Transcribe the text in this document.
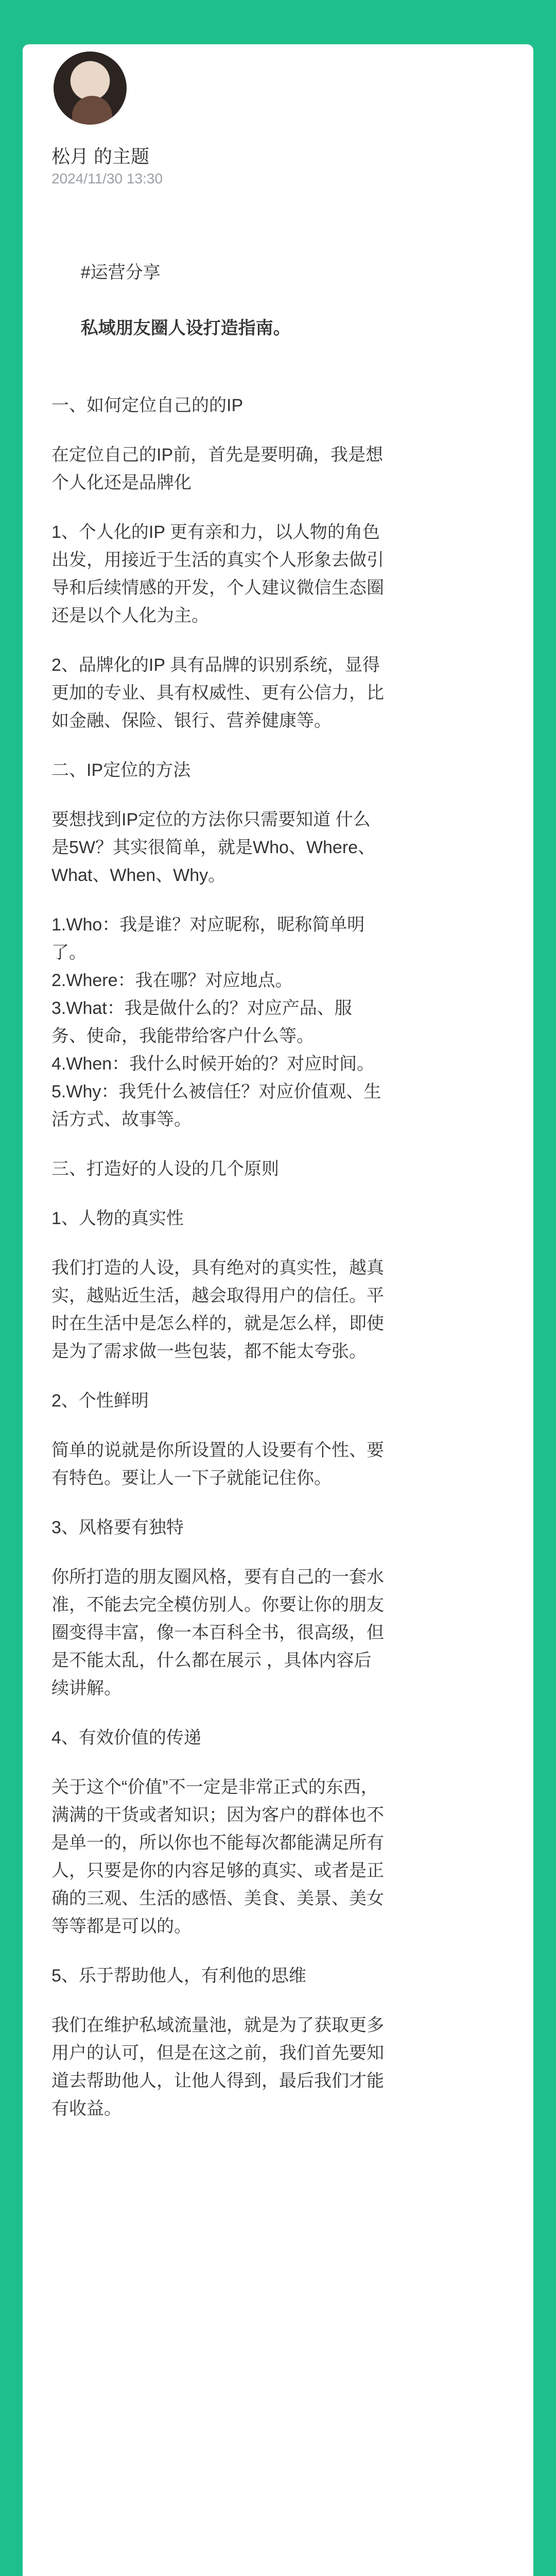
松月 的主题
2024/11/30 13:30

#运营分享

私域朋友圈人设打造指南。

一、如何定位自己的的IP
在定位自己的IP前，首先是要明确，我是想
个人化还是品牌化
1、个人化的IP 更有亲和力，以人物的角色
出发，用接近于生活的真实个人形象去做引
导和后续情感的开发，个人建议微信生态圈
还是以个人化为主。
2、品牌化的IP 具有品牌的识别系统，显得
更加的专业、具有权威性、更有公信力，比
如金融、保险、银行、营养健康等。
二、IP定位的方法
要想找到IP定位的方法你只需要知道 什么
是5W？其实很简单，就是Who、Where、
What、When、Why。
1.Who：我是谁？对应昵称，昵称简单明
了。
2.Where：我在哪？对应地点。
3.What：我是做什么的？对应产品、服
务、使命，我能带给客户什么等。
4.When：我什么时候开始的？对应时间。
5.Why：我凭什么被信任？对应价值观、生
活方式、故事等。
三、打造好的人设的几个原则
1、人物的真实性
我们打造的人设，具有绝对的真实性，越真
实，越贴近生活，越会取得用户的信任。平
时在生活中是怎么样的，就是怎么样，即使
是为了需求做一些包装，都不能太夸张。
2、个性鲜明
简单的说就是你所设置的人设要有个性、要
有特色。要让人一下子就能记住你。
3、风格要有独特
你所打造的朋友圈风格，要有自己的一套水
准，不能去完全模仿别人。你要让你的朋友
圈变得丰富，像一本百科全书，很高级，但
是不能太乱，什么都在展示 ，具体内容后
续讲解。
4、有效价值的传递
关于这个“价值”不一定是非常正式的东西，
满满的干货或者知识；因为客户的群体也不
是单一的，所以你也不能每次都能满足所有
人，只要是你的内容足够的真实、或者是正
确的三观、生活的感悟、美食、美景、美女
等等都是可以的。
5、乐于帮助他人，有利他的思维
我们在维护私域流量池，就是为了获取更多
用户的认可，但是在这之前，我们首先要知
道去帮助他人，让他人得到，最后我们才能
有收益。
